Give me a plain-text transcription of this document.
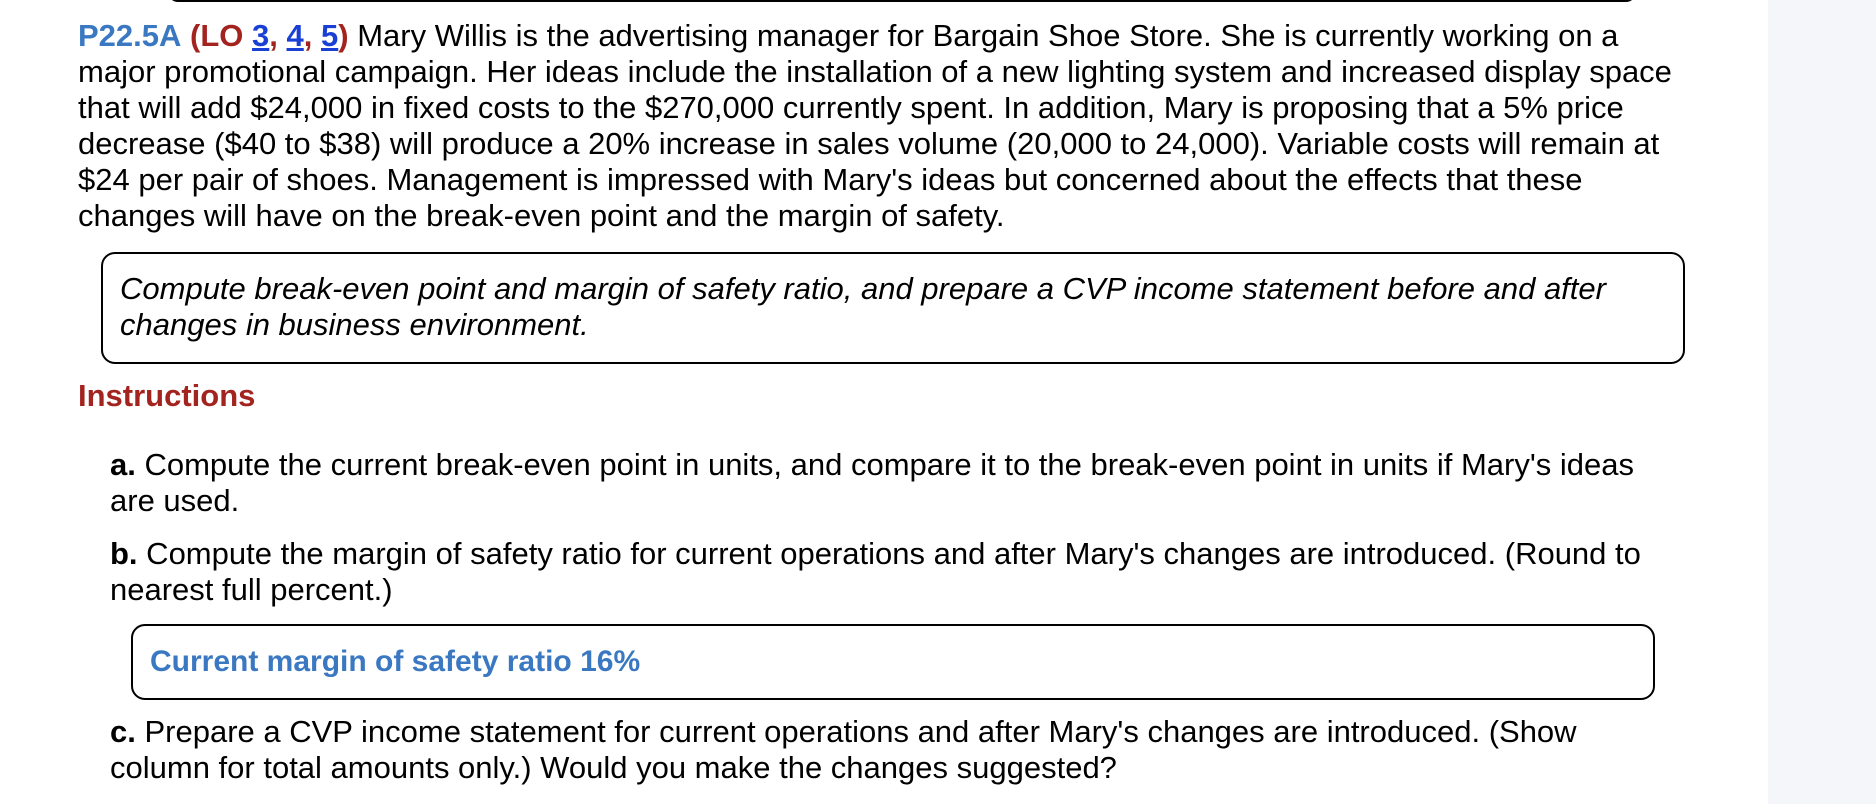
P22.5A (LO 3, 4, 5) Mary Willis is the advertising manager for Bargain Shoe Store. She is currently working on a major promotional campaign. Her ideas include the installation of a new lighting system and increased display space that will add $24,000 in fixed costs to the $270,000 currently spent. In addition, Mary is proposing that a 5% price decrease ($40 to $38) will produce a 20% increase in sales volume (20,000 to 24,000). Variable costs will remain at $24 per pair of shoes. Management is impressed with Mary's ideas but concerned about the effects that these changes will have on the break-even point and the margin of safety.

Compute break-even point and margin of safety ratio, and prepare a CVP income statement before and after changes in business environment.
Instructions

a. Compute the current break-even point in units, and compare it to the break-even point in units if Mary's ideas are used.

b. Compute the margin of safety ratio for current operations and after Mary's changes are introduced. (Round to nearest full percent.)

Current margin of safety ratio 16%

c. Prepare a CVP income statement for current operations and after Mary's changes are introduced. (Show column for total amounts only.) Would you make the changes suggested?
